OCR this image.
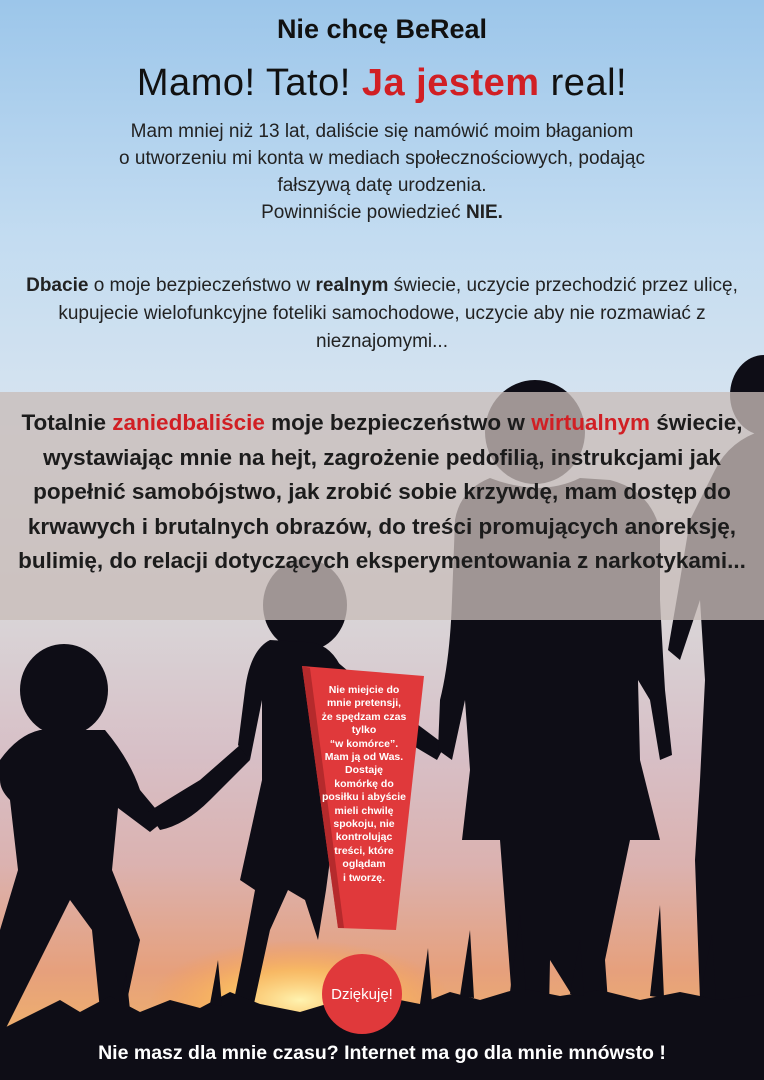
Nie chcę BeReal

Mamo! Tato! Ja jestem real!

Mam mniej niż 13 lat, daliście się namówić moim błaganiom

o utworzeniu mi konta w mediach społecznościowych, podając

fałszywą datę urodzenia.

Powinniście powiedzieć NIE.

Dbacie o moje bezpieczeństwo w realnym świecie, uczycie przechodzić przez ulicę, kupujecie wielofunkcyjne foteliki samochodowe, uczycie aby nie rozmawiać z nieznajomymi...

Totalnie zaniedbaliście moje bezpieczeństwo w wirtualnym świecie, wystawiając mnie na hejt, zagrożenie pedofilią, instrukcjami jak popełnić samobójstwo, jak zrobić sobie krzywdę, mam dostęp do krwawych i brutalnych obrazów, do treści promujących anoreksję, bulimię, do relacji dotyczących eksperymentowania z narkotykami...

Nie miejcie do
mnie pretensji,
że spędzam czas
tylko
“w komórce”.
Mam ją od Was.
Dostaję
komórkę do
posiłku i abyście
mieli chwilę
spokoju, nie
kontrolując
treści, które
oglądam
i tworzę.
Dziękuję!

Nie masz dla mnie czasu? Internet ma go dla mnie mnówsto !
